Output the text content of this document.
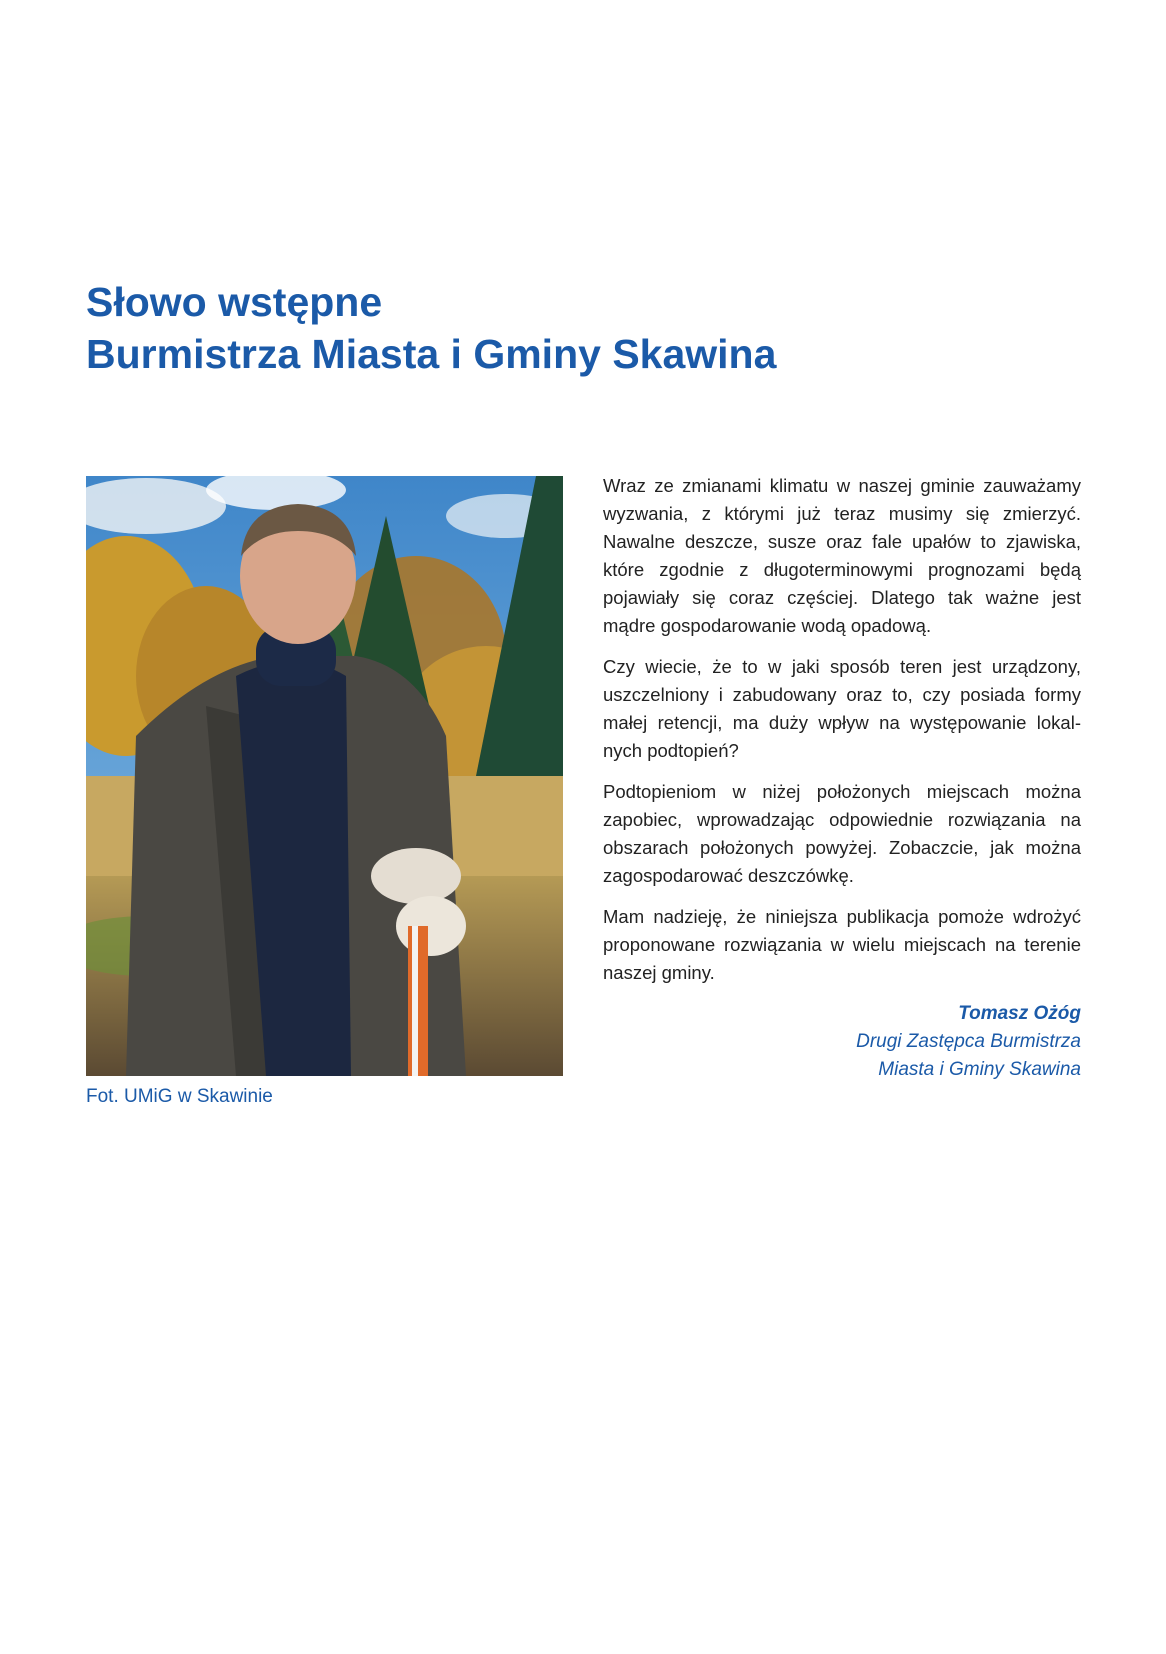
Słowo wstępne
Burmistrza Miasta i Gminy Skawina

Fot. UMiG w Skawinie

Wraz ze zmianami klimatu w naszej gminie zauważamy wyzwania, z którymi już teraz musimy się zmierzyć. Nawalne deszcze, susze oraz fale upałów to zjawiska, które zgodnie z długoterminowymi prognozami będą pojawiały się coraz częściej. Dlatego tak ważne jest mądre gospodarowanie wodą opadową.

Czy wiecie, że to w jaki sposób teren jest urządzony, uszczelniony i zabudowany oraz to, czy posiada formy małej retencji, ma duży wpływ na występowanie lokal- nych podtopień?

Podtopieniom w niżej położonych miejscach można zapobiec, wprowadzając odpowiednie rozwiązania na obszarach położonych powyżej. Zobaczcie, jak można zagospodarować deszczówkę.

Mam nadzieję, że niniejsza publikacja pomoże wdrożyć proponowane rozwiązania w wielu miejscach na terenie naszej gminy.

Tomasz Ożóg
Drugi Zastępca Burmistrza
Miasta i Gminy Skawina
